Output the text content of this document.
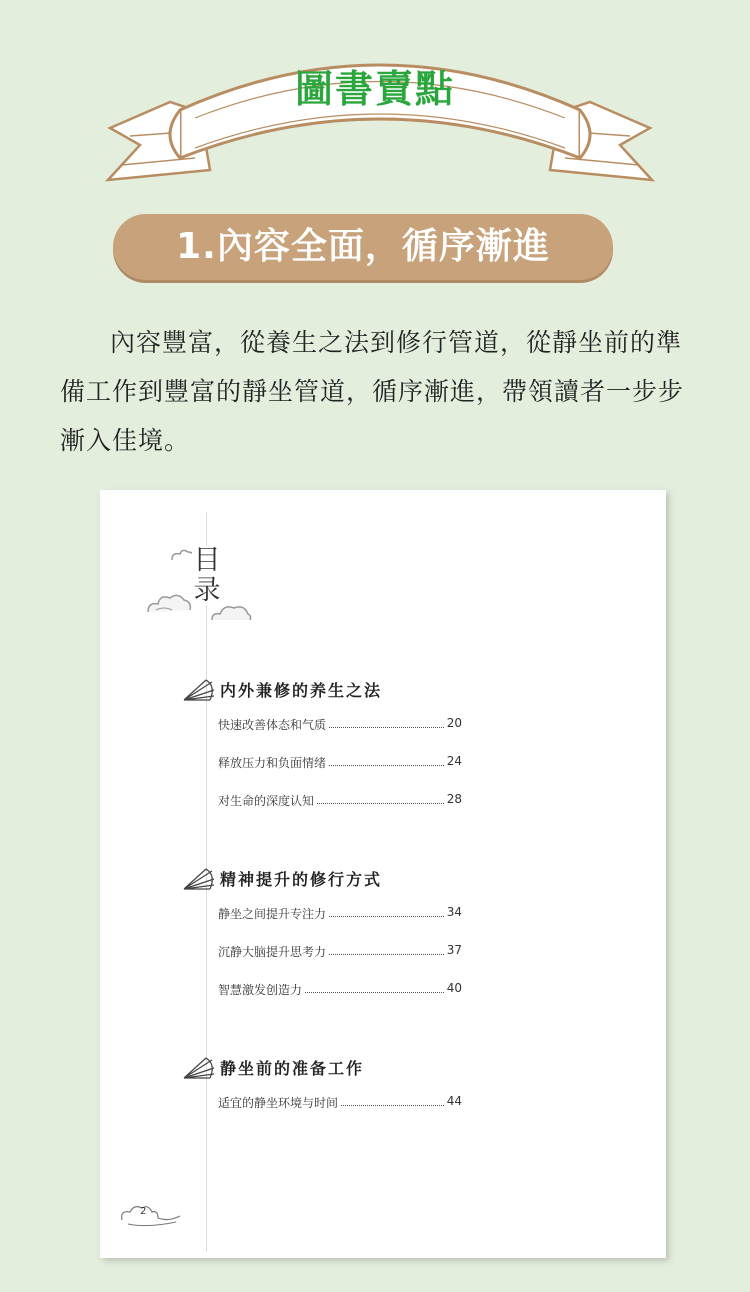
圖書賣點
1.內容全面，循序漸進
內容豐富，從養生之法到修行管道，從靜坐前的準備工作到豐富的靜坐管道，循序漸進，帶領讀者一步步漸入佳境。
目
录
内外兼修的养生之法
快速改善体态和气质	20
释放压力和负面情绪	24
对生命的深度认知	28
精神提升的修行方式
静坐之间提升专注力	34
沉静大脑提升思考力	37
智慧激发创造力	40
静坐前的准备工作
适宜的静坐环境与时间	44
2
